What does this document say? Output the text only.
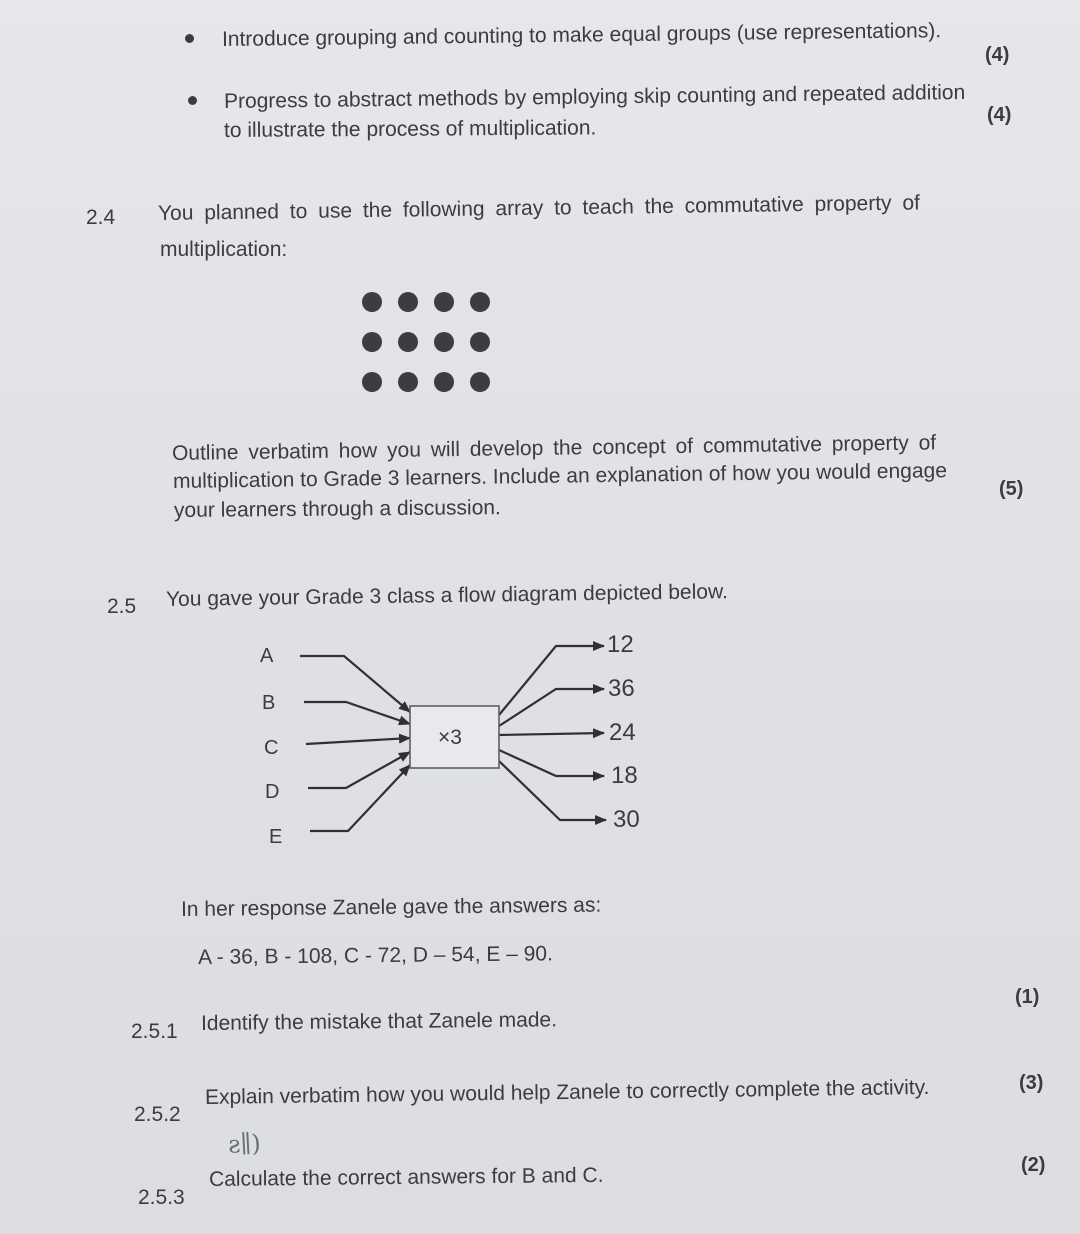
Introduce grouping and counting to make equal groups (use representations).
(4)
Progress to abstract methods by employing skip counting and repeated addition
to illustrate the process of multiplication.
(4)
2.4 You planned to use the following array to teach the commutative property of
multiplication:
Outline verbatim how you will develop the concept of commutative property of
multiplication to Grade 3 learners. Include an explanation of how you would engage
your learners through a discussion.
(5)
2.5 You gave your Grade 3 class a flow diagram depicted below.
×3
A
B
C
D
E
12
36
24
18
30
In her response Zanele gave the answers as:
A - 36, B - 108, C - 72, D – 54, E – 90.
2.5.1 Identify the mistake that Zanele made.
(1)
2.5.2
Explain verbatim how you would help Zanele to correctly complete the activity.	(3)
ƨ∥)
2.5.3
Calculate the correct answers for B and C.	(2)
